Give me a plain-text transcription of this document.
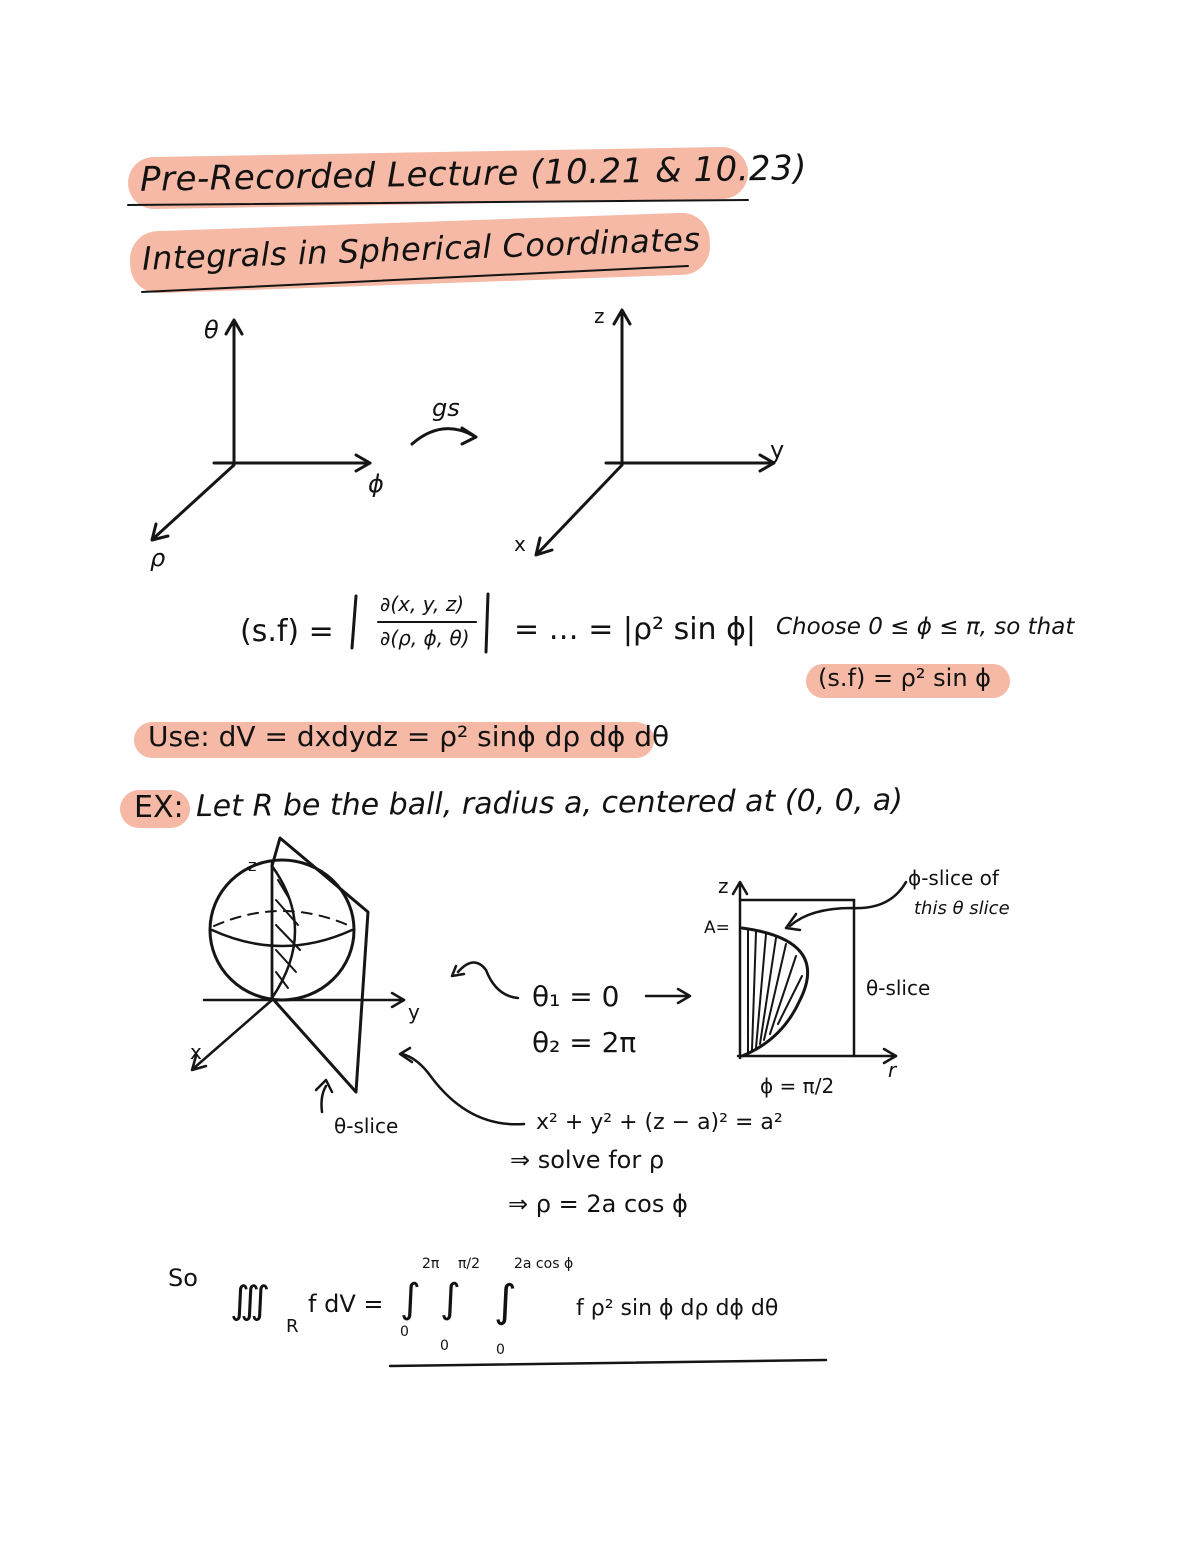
Pre-Recorded Lecture (10.21 & 10.23)
Integrals in Spherical Coordinates
θ
ϕ
ρ
gs
z
y
x
(s.f) =
∂(x, y, z)
∂(ρ, ϕ, θ) = … = |ρ² sin ϕ| Choose 0 ≤ ϕ ≤ π, so that
(s.f) = ρ² sin ϕ
Use: dV = dxdydz = ρ² sinϕ dρ dϕ dθ
EX: Let R be the ball, radius a, centered at (0, 0, a)
z
y
x
θ-slice
θ₁ = 0
θ₂ = 2π
z
r
ϕ-slice of
this θ slice
θ-slice
A=
ϕ = π/2
x² + y² + (z − a)² = a²
⇒ solve for ρ
⇒ ρ = 2a cos ϕ
So ∭
R
f dV =
2π
∫
0
π/2
∫
0
2a cos ϕ
∫
0
f ρ² sin ϕ dρ dϕ dθ
